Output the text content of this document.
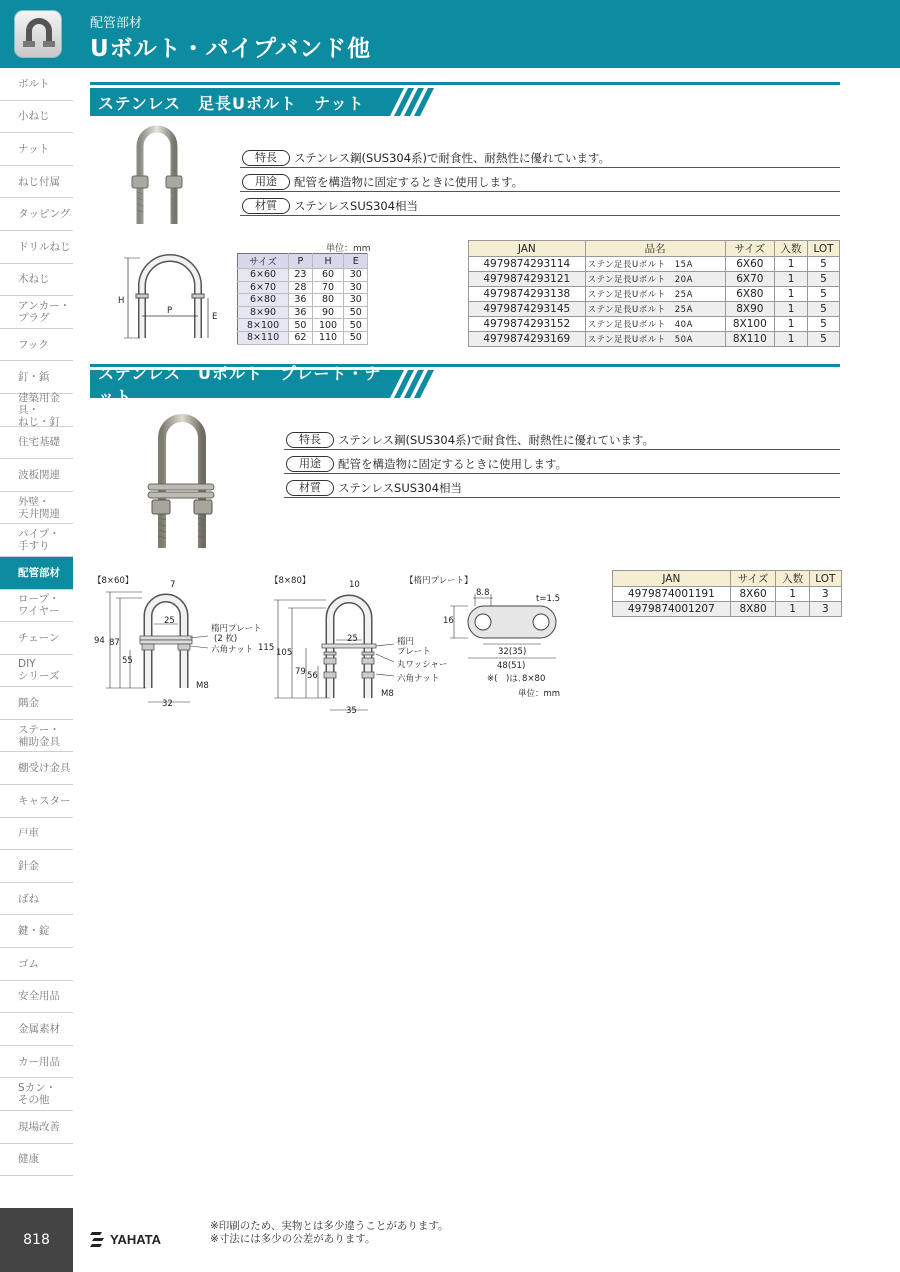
配管部材
Uボルト・パイプバンド他
ボルト
小ねじ
ナット
ねじ付属
タッピング
ドリルねじ
木ねじ
アンカー・
プラグ
フック
釘・鋲
建築用金具・
ねじ・釘
住宅基礎
波板関連
外壁・
天井関連
パイプ・
手すり
配管部材
ロープ・
ワイヤー
チェーン
DIY
シリーズ
隅金
ステー・
補助金具
棚受け金具
キャスター
戸車
針金
ばね
鍵・錠
ゴム
安全用品
金属素材
カー用品
Sカン・
その他
現場改善
健康
ステンレス　足長Uボルト　ナット
特長	ステンレス鋼(SUS304系)で耐食性、耐熱性に優れています。
用途	配管を構造物に固定するときに使用します。
材質	ステンレスSUS304相当
H
P
E
単位：mm
サイズ	P	H	E
6×60	23	60	30
6×70	28	70	30
6×80	36	80	30
8×90	36	90	50
8×100	50	100	50
8×110	62	110	50
JAN	品名	サイズ	入数	LOT
4979874293114	ステン足長Uボルト　15A	6X60	1	5
4979874293121	ステン足長Uボルト　20A	6X70	1	5
4979874293138	ステン足長Uボルト　25A	6X80	1	5
4979874293145	ステン足長Uボルト　25A	8X90	1	5
4979874293152	ステン足長Uボルト　40A	8X100	1	5
4979874293169	ステン足長Uボルト　50A	8X110	1	5
ステンレス　Uボルト　プレート・ナット
特長	ステンレス鋼(SUS304系)で耐食性、耐熱性に優れています。
用途	配管を構造物に固定するときに使用します。
材質	ステンレスSUS304相当
JAN	サイズ	入数	LOT
4979874001191	8X60	1	3
4979874001207	8X80	1	3
【8×60】	7
25
94 87
55
32
楕円プレート
(2 枚)
六角ナット
M8
【8×80】	10
25
115 105
79 56
35
楕円
プレート
丸ワッシャー
六角ナット
M8
【楕円プレート】
8.8
t=1.5
16
32(35)
48(51)
※(　)は､8×80
単位：mm
818	YAHATA
※印刷のため、実物とは多少違うことがあります。
※寸法には多少の公差があります。
